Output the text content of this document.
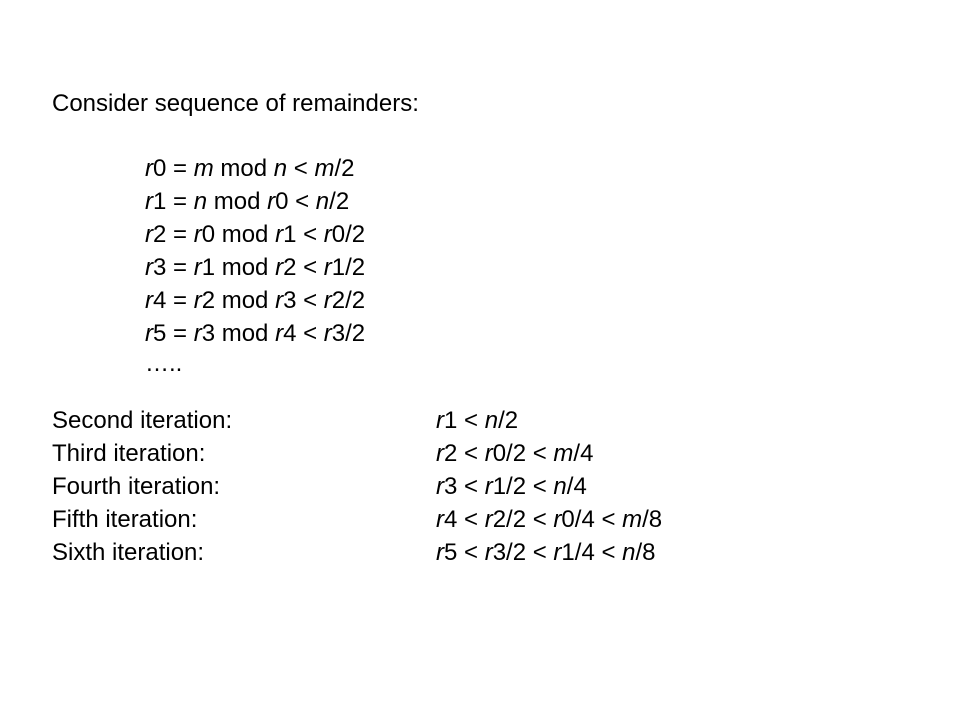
Consider sequence of remainders:
r0 = m mod n < m/2
r1 = n mod r0 < n/2
r2 = r0 mod r1 < r0/2
r3 = r1 mod r2 < r1/2
r4 = r2 mod r3 < r2/2
r5 = r3 mod r4 < r3/2
…..
Second iteration:	r1 < n/2
Third iteration:	r2 < r0/2 < m/4
Fourth iteration:	r3 < r1/2 < n/4
Fifth iteration:	r4 < r2/2 < r0/4 < m/8
Sixth iteration:	r5 < r3/2 < r1/4 < n/8
